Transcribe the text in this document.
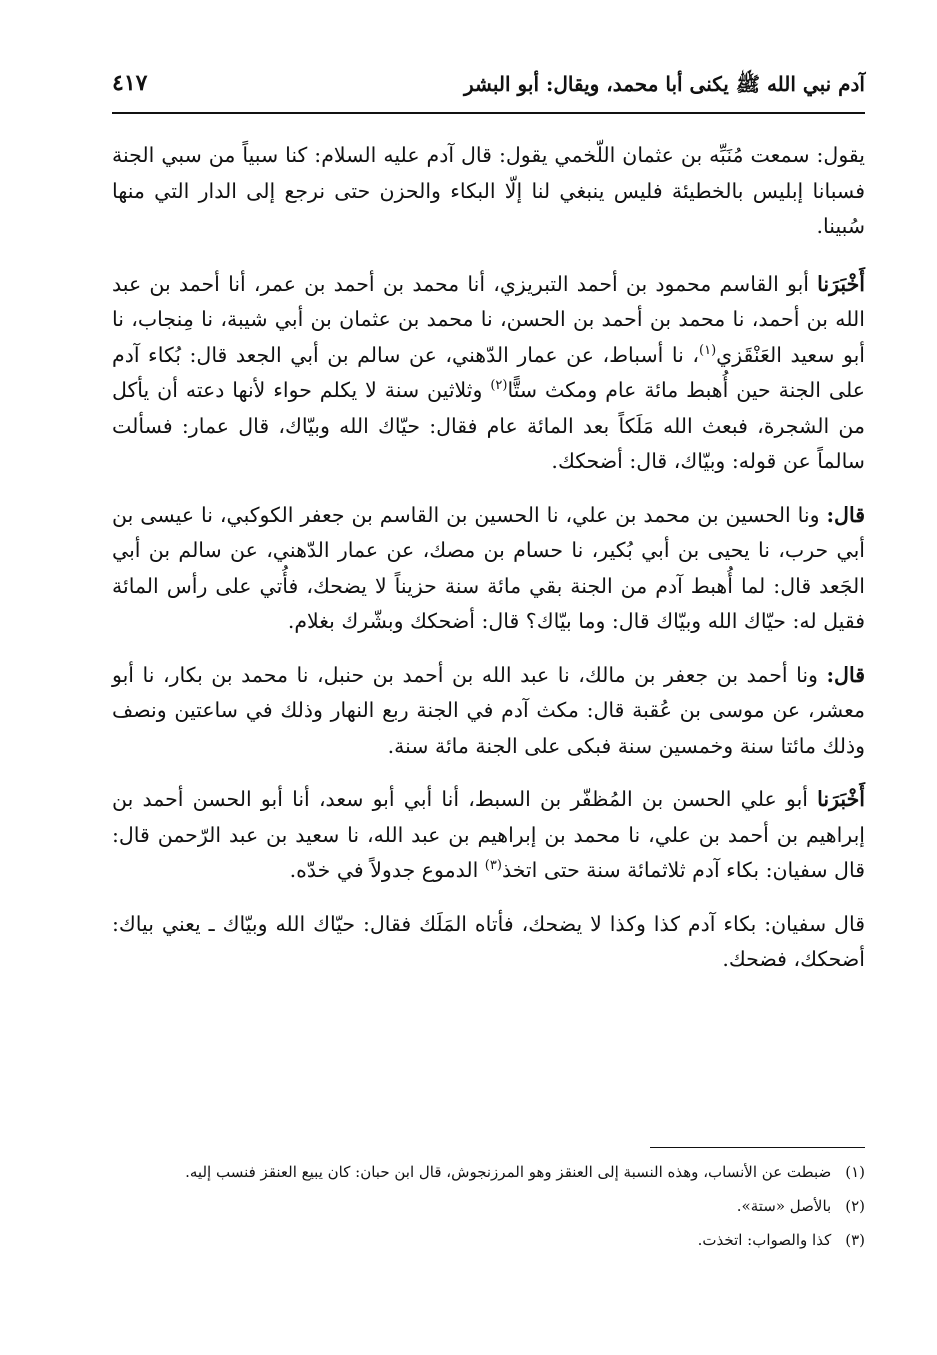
آدم نبي الله ﷺ يكنى أبا محمد، ويقال: أبو البشر
٤١٧

يقول: سمعت مُنَبِّه بن عثمان اللّخمي يقول: قال آدم عليه السلام: كنا سبياً من سبي الجنة فسبانا إبليس بالخطيئة فليس ينبغي لنا إلّا البكاء والحزن حتى نرجع إلى الدار التي منها سُبينا.

أَخْبَرَنا أبو القاسم محمود بن أحمد التبريزي، أنا محمد بن أحمد بن عمر، أنا أحمد بن عبد الله بن أحمد، نا محمد بن أحمد بن الحسن، نا محمد بن عثمان بن أبي شيبة، نا مِنجاب، نا أبو سعيد العَنْقَزي$^{(١)}$، نا أسباط، عن عمار الدّهني، عن سالم بن أبي الجعد قال: بُكاء آدم على الجنة حين أُهبط مائة عام ومكث ستًّا$^{(٢)}$ وثلاثين سنة لا يكلم حواء لأنها دعته أن يأكل من الشجرة، فبعث الله مَلَكاً بعد المائة عام فقال: حيّاك الله وبيّاك، قال عمار: فسألت سالماً عن قوله: وبيّاك، قال: أضحكك.

قال: ونا الحسين بن محمد بن علي، نا الحسين بن القاسم بن جعفر الكوكبي، نا عيسى بن أبي حرب، نا يحيى بن أبي بُكير، نا حسام بن مصك، عن عمار الدّهني، عن سالم بن أبي الجَعد قال: لما أُهبط آدم من الجنة بقي مائة سنة حزيناً لا يضحك، فأُتي على رأس المائة فقيل له: حيّاك الله وبيّاك قال: وما بيّاك؟ قال: أضحكك وبشّرك بغلام.

قال: ونا أحمد بن جعفر بن مالك، نا عبد الله بن أحمد بن حنبل، نا محمد بن بكار، نا أبو معشر، عن موسى بن عُقبة قال: مكث آدم في الجنة ربع النهار وذلك في ساعتين ونصف وذلك مائتا سنة وخمسين سنة فبكى على الجنة مائة سنة.

أَخْبَرَنا أبو علي الحسن بن المُظفّر بن السبط، أنا أبي أبو سعد، أنا أبو الحسن أحمد بن إبراهيم بن أحمد بن علي، نا محمد بن إبراهيم بن عبد الله، نا سعيد بن عبد الرّحمن قال: قال سفيان: بكاء آدم ثلاثمائة سنة حتى اتخذ$^{(٣)}$ الدموع جدولاً في خدّه.

قال سفيان: بكاء آدم كذا وكذا لا يضحك، فأتاه المَلَك فقال: حيّاك الله وبيّاك ـ يعني بياك: أضحكك، فضحك.

(١)ضبطت عن الأنساب، وهذه النسبة إلى العنقز وهو المرزنجوش، قال ابن حبان: كان يبيع العنقز فنسب إليه.

(٢)بالأصل «ستة».

(٣)كذا والصواب: اتخذت.
